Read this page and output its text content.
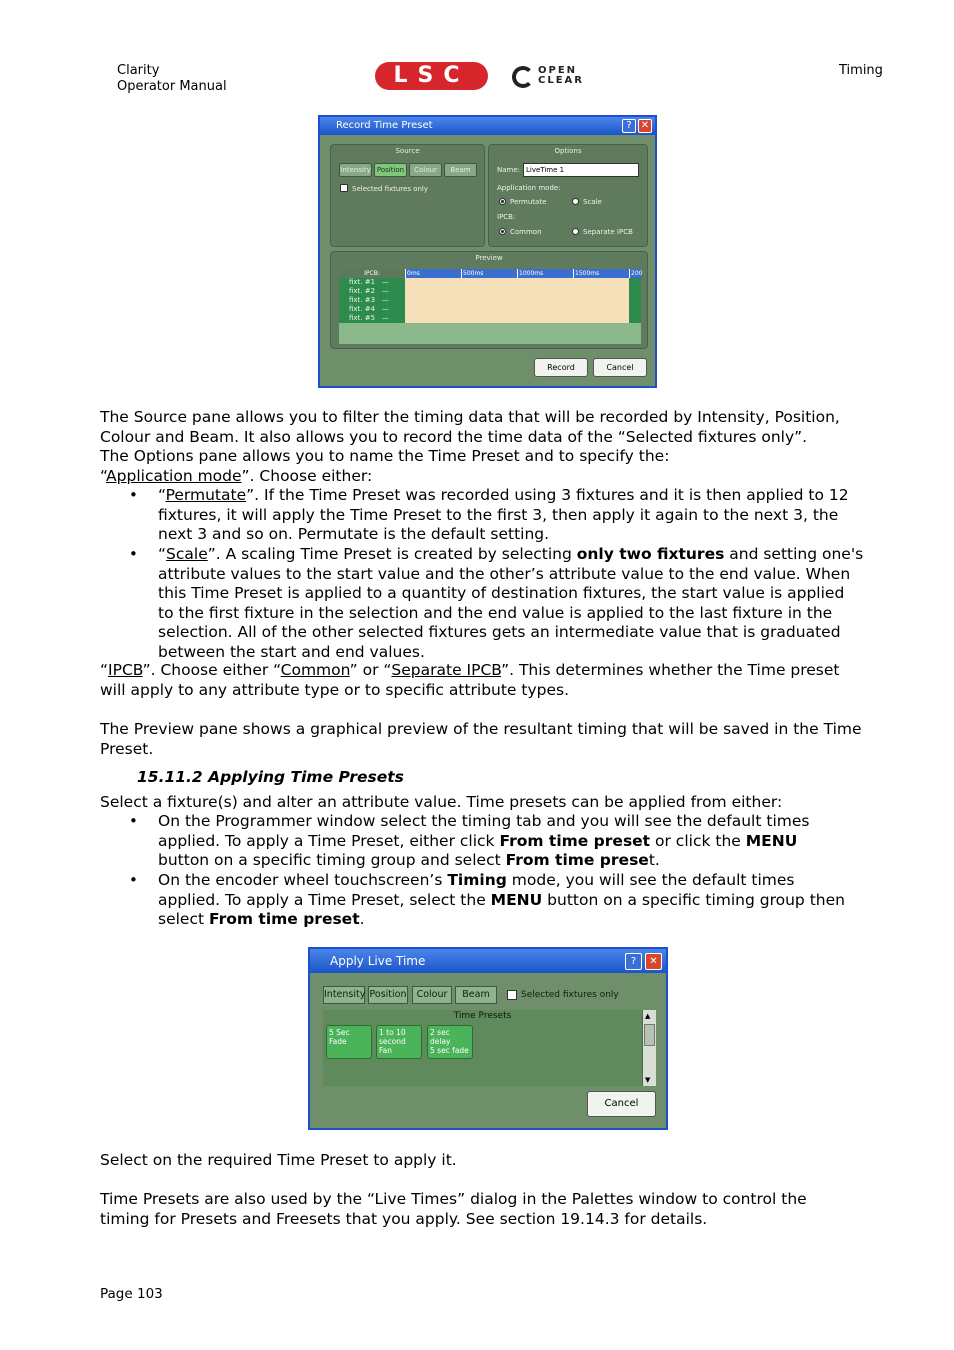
Clarity
Operator Manual	LSC	OPEN
CLEAR
Timing
Record Time Preset	? ✕
Source
Intensity Position	Colour	Beam
Selected fixtures only
Options
Name: LiveTime 1
Application mode:
Permutate	Scale
IPCB:
Common	Separate IPCB
Preview
IPCB:	0ms	500ms	1000ms	1500ms	200
fixt. #1 —
fixt. #2 —
fixt. #3 —
fixt. #4 —
fixt. #5 —
Record	Cancel
The Source pane allows you to filter the timing data that will be recorded by Intensity, Position,
Colour and Beam. It also allows you to record the time data of the “Selected fixtures only”.
The Options pane allows you to name the Time Preset and to specify the:
“Application mode”. Choose either:
• “Permutate”. If the Time Preset was recorded using 3 fixtures and it is then applied to 12
fixtures, it will apply the Time Preset to the first 3, then apply it again to the next 3, the
next 3 and so on. Permutate is the default setting.
• “Scale”. A scaling Time Preset is created by selecting only two fixtures and setting one's
attribute values to the start value and the other’s attribute value to the end value. When
this Time Preset is applied to a quantity of destination fixtures, the start value is applied
to the first fixture in the selection and the end value is applied to the last fixture in the
selection. All of the other selected fixtures gets an intermediate value that is graduated
between the start and end values.
“IPCB”. Choose either “Common” or “Separate IPCB”. This determines whether the Time preset
will apply to any attribute type or to specific attribute types.
The Preview pane shows a graphical preview of the resultant timing that will be saved in the Time
Preset.
15.11.2 Applying Time Presets
Select a fixture(s) and alter an attribute value. Time presets can be applied from either:
• On the Programmer window select the timing tab and you will see the default times
applied. To apply a Time Preset, either click From time preset or click the MENU
button on a specific timing group and select From time preset.
• On the encoder wheel touchscreen’s Timing mode, you will see the default times
applied. To apply a Time Preset, select the MENU button on a specific timing group then
select From time preset.
Apply Live Time	?	✕
Intensity Position	Colour	Beam	Selected fixtures only
Time Presets
5 Sec Fade
1 to 10
second Fan
2 sec delay
5 sec fade
▲
▼
Cancel
Select on the required Time Preset to apply it.
Time Presets are also used by the “Live Times” dialog in the Palettes window to control the
timing for Presets and Freesets that you apply. See section 19.14.3 for details.
Page 103
